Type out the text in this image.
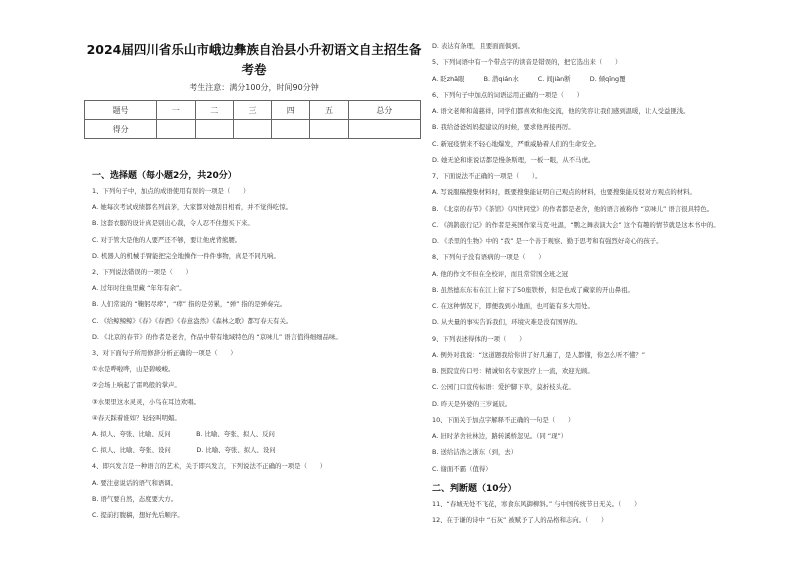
2024届四川省乐山市峨边彝族自治县小升初语文自主招生备
考卷
考生注意：满分100分，时间90分钟
题号	一	二	三	四	五	总分
得分						
一、选择题（每小题2分，共20分）
1、下列句子中，加点的成语使用有误的一项是（　　）
A. 她每次考试成绩都名列前茅，大家都对她刮目相看，并不觉得吃惊。
B. 这套衣服的设计真是别出心裁，令人忍不住想买下来。
C. 对于管大是他的人要严还不够，要让他虎背熊腰。
D. 机器人的机械手臂能把完全地操作一件件事物，真是不同凡响。
2、下列说法错误的一项是（　　）
A. 过年时往鱼里藏 “年年有余”。
B. 人们常说的 “鞠躬尽瘁”，“瘁” 指的是劳累，“弹” 指的是弹奏完。
C. 《给鲸鲸鲸》《春》《春酒》《春意盎然》《森林之歌》都写春天有关。
D. 《北京的春节》的作者是老舍，作品中带有地域特色的 “京味儿” 语言值得细细品味。
3、对下面句子所用修辞分析正确的一项是（　　）
①水是哗啦哗，山是碧峻峻。
②会场上响起了雷鸣般的掌声。
③水果里这水灵灵，小鸟在耳边欢唱。
④春天踩着谁如？轻轻叫明媚。
A. 拟人、夸张、比喻、反问　　　　B. 比喻、夸张、拟人、反问
C. 拟人、比喻、夸张、设问　　　　D. 比喻、夸张、拟人、设问
4、即兴发言是一种语言的艺术，关于即兴发言，下列说法不正确的一项是（　　）
A. 要注意说话的语气和语调。
B. 语气要自然，态度要大方。
C. 提前打腹稿，想好先后顺序。
D. 表达有条理，且要面面俱到。
5、下列词语中有一个带点字的读音是错误的，把它选出来（　　）
A. 眨zhǎ眼　　　B. 潜qián水　　　C. 间jiàn断　　　D. 倾qīng覆
6、下列句子中加点的词语运用正确的一项是（　　）
A. 语文老师和蔼慈祥，同学们都喜欢和他交流，他的笑容让我们感到温暖，让人受益匪浅。
B. 我给爸爸妈妈提建议的时候，要求他再接再厉。
C. 新冠疫情来不轻心地爆发，严重威胁着人们的生命安全。
D. 她无论和谁说话都是慢条斯理，一板一眼，从不马虎。
7、下面说法不正确的一项是（　　）。
A. 写说服稿搜集材料时，既要搜集能证明自己观点的材料，也要搜集能反驳对方观点的材料。
B. 《北京的春节》《茶馆》《四世同堂》的作者都是老舍，他的语言被称作 “京味儿” 语言很具特色。
C. 《鸽鹊旅行记》的作者是英国作家马克·吐温，“鹦之舞表演大会” 这个有趣的情节就是这本书中的。
D. 《杀里的生物》中的 “我” 是一个善于观察、勤于思考和有强烈好奇心的孩子。
8、下列句子没有语病的一项是（　　）
A. 他的作文不但在全校评，而且常常国全班之冠
B. 虽然德东东布在江上留下了50座铁桥，但是也成了藏家的开山鼻祖。
C. 在这种情况下，即便我到小地面，也可能有多大用处。
D. 从夫量的事实告诉我们，环境灾难是没有国界的。
9、下列表述得体的一项（　　）
A. 例外对我说：“这道题我给你讲了好几遍了，是人都懂，你怎么听不懂？”
B. 医院宣传口号：精诚知名专家医疗上一流，欢迎光顾。
C. 公园门口宣传标语：爱护脚下草，莫折枝头花。
D. 昨天是外婆的三岁诞辰。
10、下面关于加点字解释不正确的一句是（　　）
A. 旧时茅舍社林边，路转溪桥忽见。（同 “现”）
B. 送给洁浩之浙东（到，去）
C. 谢面不霸（值得）
二、判断题（10分）
11、“春城无处不飞花，寒食东风御柳斜。” 与中国传统节日无关。（　　）
12、在于谦的诗中 “石灰” 被赋予了人的品格和志向。（　　）
